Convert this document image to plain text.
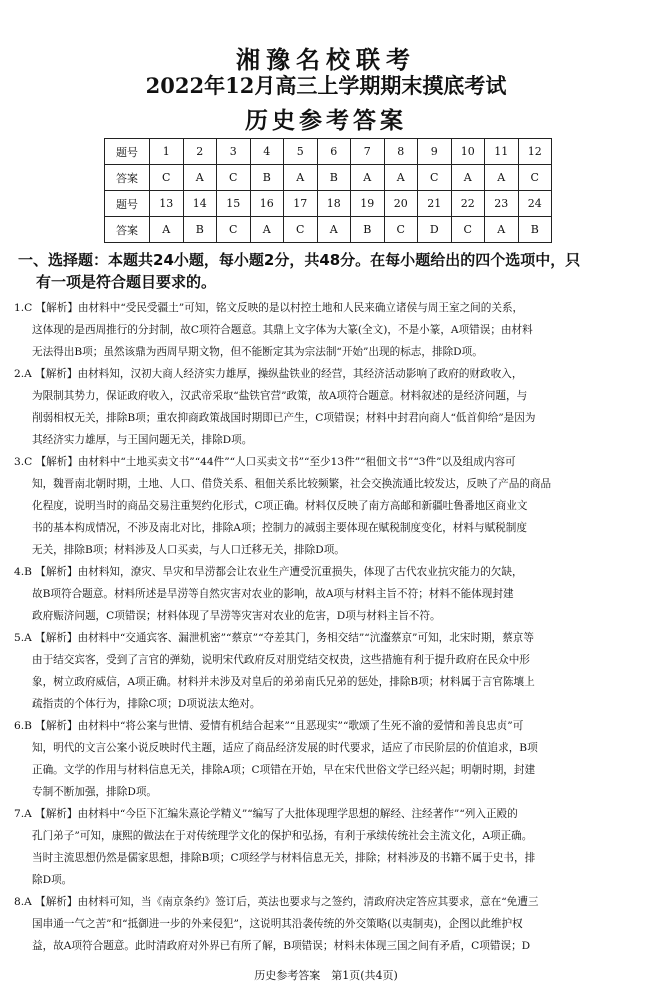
湘豫名校联考
2022年12月高三上学期期末摸底考试
历史参考答案
题号	1	2	3	4	5	6	7	8	9	10	11	12
答案	C	A	C	B	A	B	A	A	C	A	A	C
题号	13	14	15	16	17	18	19	20	21	22	23	24
答案	A	B	C	A	C	A	B	C	D	C	A	B
一、选择题：本题共24小题，每小题2分，共48分。在每小题给出的四个选项中，只
有一项是符合题目要求的。
1.C 【解析】由材料中“受民受疆土”可知，铭文反映的是以村控土地和人民来确立诸侯与周王室之间的关系，
这体现的是西周推行的分封制，故C项符合题意。其鼎上文字体为大篆(全文)，不是小篆，A项错误；由材料
无法得出B项；虽然该鼎为西周早期文物，但不能断定其为宗法制“开始”出现的标志，排除D项。
2.A 【解析】由材料知，汉初大商人经济实力雄厚，操纵盐铁业的经营，其经济活动影响了政府的财政收入，
为限制其势力，保证政府收入，汉武帝采取“盐铁官营”政策，故A项符合题意。材料叙述的是经济问题，与
削弱相权无关，排除B项；重农抑商政策战国时期即已产生，C项错误；材料中封君向商人“低首仰给”是因为
其经济实力雄厚，与王国问题无关，排除D项。
3.C 【解析】由材料中“土地买卖文书”“44件”“人口买卖文书”“至少13件”“租佃文书”“3件”以及组成内容可
知，魏晋南北朝时期，土地、人口、借贷关系、租佃关系比较频繁，社会交换流通比较发达，反映了产品的商品
化程度，说明当时的商品交易注重契约化形式，C项正确。材料仅反映了南方高邮和新疆吐鲁番地区商业文
书的基本构成情况，不涉及南北对比，排除A项；控制力的减弱主要体现在赋税制度变化，材料与赋税制度
无关，排除B项；材料涉及人口买卖，与人口迁移无关，排除D项。
4.B 【解析】由材料知，潦灾、旱灾和旱涝都会让农业生产遭受沉重损失，体现了古代农业抗灾能力的欠缺，
故B项符合题意。材料所述是旱涝等自然灾害对农业的影响，故A项与材料主旨不符；材料不能体现封建
政府赈济问题，C项错误；材料体现了旱涝等灾害对农业的危害，D项与材料主旨不符。
5.A 【解析】由材料中“交通宾客、漏泄机密”“蔡京”“夺差其门，务相交结”“沆瀣蔡京”可知，北宋时期，蔡京等
由于结交宾客，受到了言官的弹劾，说明宋代政府反对朋党结交权贵，这些措施有利于提升政府在民众中形
象，树立政府威信，A项正确。材料并未涉及对皇后的弟弟南氏兄弟的惩处，排除B项；材料属于言官陈壤上
疏指责的个体行为，排除C项；D项说法太绝对。
6.B 【解析】由材料中“将公案与世情、爱情有机结合起来”“且恶现实”“歌颂了生死不渝的爱情和善良忠贞”可
知，明代的文言公案小说反映时代主题，适应了商品经济发展的时代要求，适应了市民阶层的价值追求，B项
正确。文学的作用与材料信息无关，排除A项；C项错在开始，早在宋代世俗文学已经兴起；明朝时期，封建
专制不断加强，排除D项。
7.A 【解析】由材料中“今臣下汇编朱熹论学精义”“编写了大批体现理学思想的解经、注经著作”“列入正殿的
孔门弟子”可知，康熙的做法在于对传统理学文化的保护和弘扬，有利于承续传统社会主流文化，A项正确。
当时主流思想仍然是儒家思想，排除B项；C项经学与材料信息无关，排除；材料涉及的书籍不属于史书，排
除D项。
8.A 【解析】由材料可知，当《南京条约》签订后，英法也要求与之签约，清政府决定答应其要求，意在“免遭三
国串通一气之苦”和“抵御进一步的外来侵犯”，这说明其沿袭传统的外交策略(以夷制夷)，企图以此维护权
益，故A项符合题意。此时清政府对外界已有所了解，B项错误；材料未体现三国之间有矛盾，C项错误；D
历史参考答案　第1页(共4页)
